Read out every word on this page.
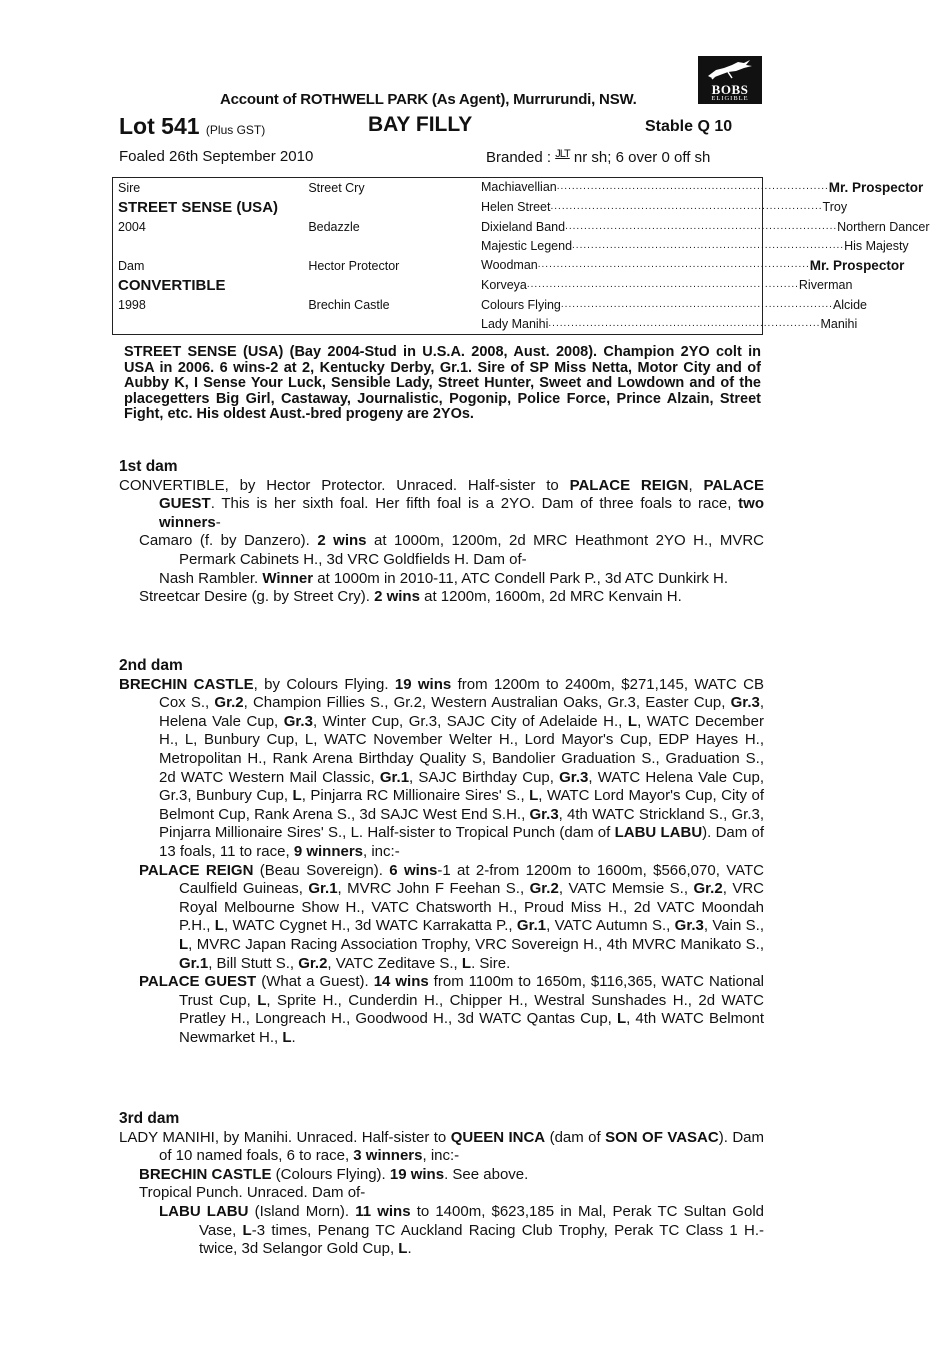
Account of ROTHWELL PARK (As Agent), Murrurundi, NSW.
BOBS
ELIGIBLE
Lot 541 (Plus GST)	BAY FILLY	Stable Q 10
Foaled 26th September 2010	Branded : JLT nr sh; 6 over 0 off sh
Sire	Street Cry	Machiavellian ........................................................................ Mr. Prospector

STREET SENSE (USA)		Helen Street ........................................................................ Troy

2004	Bedazzle	Dixieland Band ........................................................................ Northern Dancer

		Majestic Legend ........................................................................ His Majesty

Dam	Hector Protector	Woodman ........................................................................ Mr. Prospector

CONVERTIBLE		Korveya ........................................................................ Riverman

1998	Brechin Castle	Colours Flying ........................................................................ Alcide

		Lady Manihi ........................................................................ Manihi
STREET SENSE (USA) (Bay 2004-Stud in U.S.A. 2008, Aust. 2008). Champion 2YO colt in USA in 2006. 6 wins-2 at 2, Kentucky Derby, Gr.1. Sire of SP Miss Netta, Motor City and of Aubby K, I Sense Your Luck, Sensible Lady, Street Hunter, Sweet and Lowdown and of the placegetters Big Girl, Castaway, Journalistic, Pogonip, Police Force, Prince Alzain, Street Fight, etc. His oldest Aust.-bred progeny are 2YOs.
1st dam

CONVERTIBLE, by Hector Protector. Unraced. Half-sister to PALACE REIGN, PALACE GUEST. This is her sixth foal. Her fifth foal is a 2YO. Dam of three foals to race, two winners-

Camaro (f. by Danzero). 2 wins at 1000m, 1200m, 2d MRC Heathmont 2YO H., MVRC Permark Cabinets H., 3d VRC Goldfields H. Dam of-

Nash Rambler. Winner at 1000m in 2010-11, ATC Condell Park P., 3d ATC Dunkirk H.

Streetcar Desire (g. by Street Cry). 2 wins at 1200m, 1600m, 2d MRC Kenvain H.

2nd dam

BRECHIN CASTLE, by Colours Flying. 19 wins from 1200m to 2400m, $271,145, WATC CB Cox S., Gr.2, Champion Fillies S., Gr.2, Western Australian Oaks, Gr.3, Easter Cup, Gr.3, Helena Vale Cup, Gr.3, Winter Cup, Gr.3, SAJC City of Adelaide H., L, WATC December H., L, Bunbury Cup, L, WATC November Welter H., Lord Mayor's Cup, EDP Hayes H., Metropolitan H., Rank Arena Birthday Quality S, Bandolier Graduation S., Graduation S., 2d WATC Western Mail Classic, Gr.1, SAJC Birthday Cup, Gr.3, WATC Helena Vale Cup, Gr.3, Bunbury Cup, L, Pinjarra RC Millionaire Sires' S., L, WATC Lord Mayor's Cup, City of Belmont Cup, Rank Arena S., 3d SAJC West End S.H., Gr.3, 4th WATC Strickland S., Gr.3, Pinjarra Millionaire Sires' S., L. Half-sister to Tropical Punch (dam of LABU LABU). Dam of 13 foals, 11 to race, 9 winners, inc:-

PALACE REIGN (Beau Sovereign). 6 wins-1 at 2-from 1200m to 1600m, $566,070, VATC Caulfield Guineas, Gr.1, MVRC John F Feehan S., Gr.2, VATC Memsie S., Gr.2, VRC Royal Melbourne Show H., VATC Chatsworth H., Proud Miss H., 2d VATC Moondah P.H., L, WATC Cygnet H., 3d WATC Karrakatta P., Gr.1, VATC Autumn S., Gr.3, Vain S., L, MVRC Japan Racing Association Trophy, VRC Sovereign H., 4th MVRC Manikato S., Gr.1, Bill Stutt S., Gr.2, VATC Zeditave S., L. Sire.

PALACE GUEST (What a Guest). 14 wins from 1100m to 1650m, $116,365, WATC National Trust Cup, L, Sprite H., Cunderdin H., Chipper H., Westral Sunshades H., 2d WATC Pratley H., Longreach H., Goodwood H., 3d WATC Qantas Cup, L, 4th WATC Belmont Newmarket H., L.

3rd dam

LADY MANIHI, by Manihi. Unraced. Half-sister to QUEEN INCA (dam of SON OF VASAC). Dam of 10 named foals, 6 to race, 3 winners, inc:-

BRECHIN CASTLE (Colours Flying). 19 wins. See above.

Tropical Punch. Unraced. Dam of-

LABU LABU (Island Morn). 11 wins to 1400m, $623,185 in Mal, Perak TC Sultan Gold Vase, L-3 times, Penang TC Auckland Racing Club Trophy, Perak TC Class 1 H.-twice, 3d Selangor Gold Cup, L.
